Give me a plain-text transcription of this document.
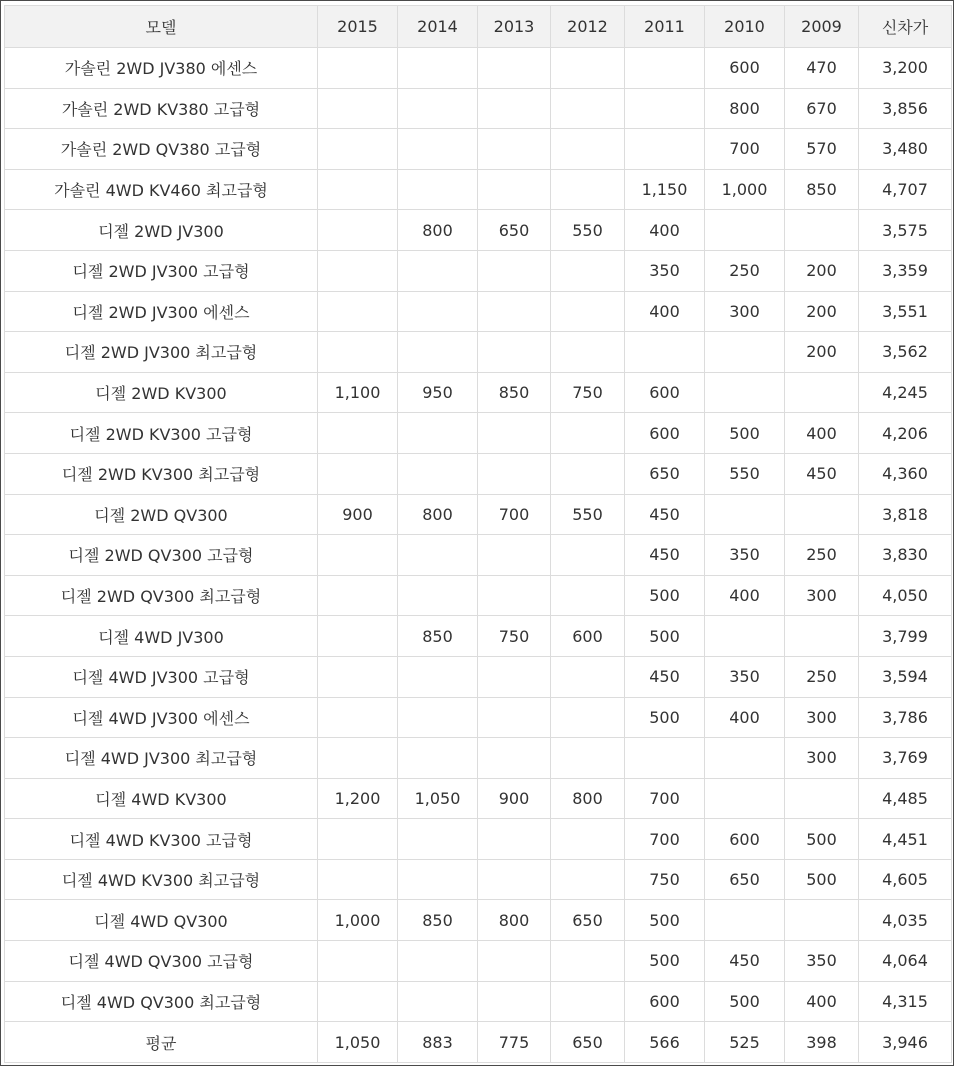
모델	2015	2014	2013	2012	2011	2010	2009	신차가
가솔린 2WD JV380 에센스						600	470	3,200
가솔린 2WD KV380 고급형						800	670	3,856
가솔린 2WD QV380 고급형						700	570	3,480
가솔린 4WD KV460 최고급형					1,150	1,000	850	4,707
디젤 2WD JV300		800	650	550	400			3,575
디젤 2WD JV300 고급형					350	250	200	3,359
디젤 2WD JV300 에센스					400	300	200	3,551
디젤 2WD JV300 최고급형							200	3,562
디젤 2WD KV300	1,100	950	850	750	600			4,245
디젤 2WD KV300 고급형					600	500	400	4,206
디젤 2WD KV300 최고급형					650	550	450	4,360
디젤 2WD QV300	900	800	700	550	450			3,818
디젤 2WD QV300 고급형					450	350	250	3,830
디젤 2WD QV300 최고급형					500	400	300	4,050
디젤 4WD JV300		850	750	600	500			3,799
디젤 4WD JV300 고급형					450	350	250	3,594
디젤 4WD JV300 에센스					500	400	300	3,786
디젤 4WD JV300 최고급형							300	3,769
디젤 4WD KV300	1,200	1,050	900	800	700			4,485
디젤 4WD KV300 고급형					700	600	500	4,451
디젤 4WD KV300 최고급형					750	650	500	4,605
디젤 4WD QV300	1,000	850	800	650	500			4,035
디젤 4WD QV300 고급형					500	450	350	4,064
디젤 4WD QV300 최고급형					600	500	400	4,315
평균	1,050	883	775	650	566	525	398	3,946
